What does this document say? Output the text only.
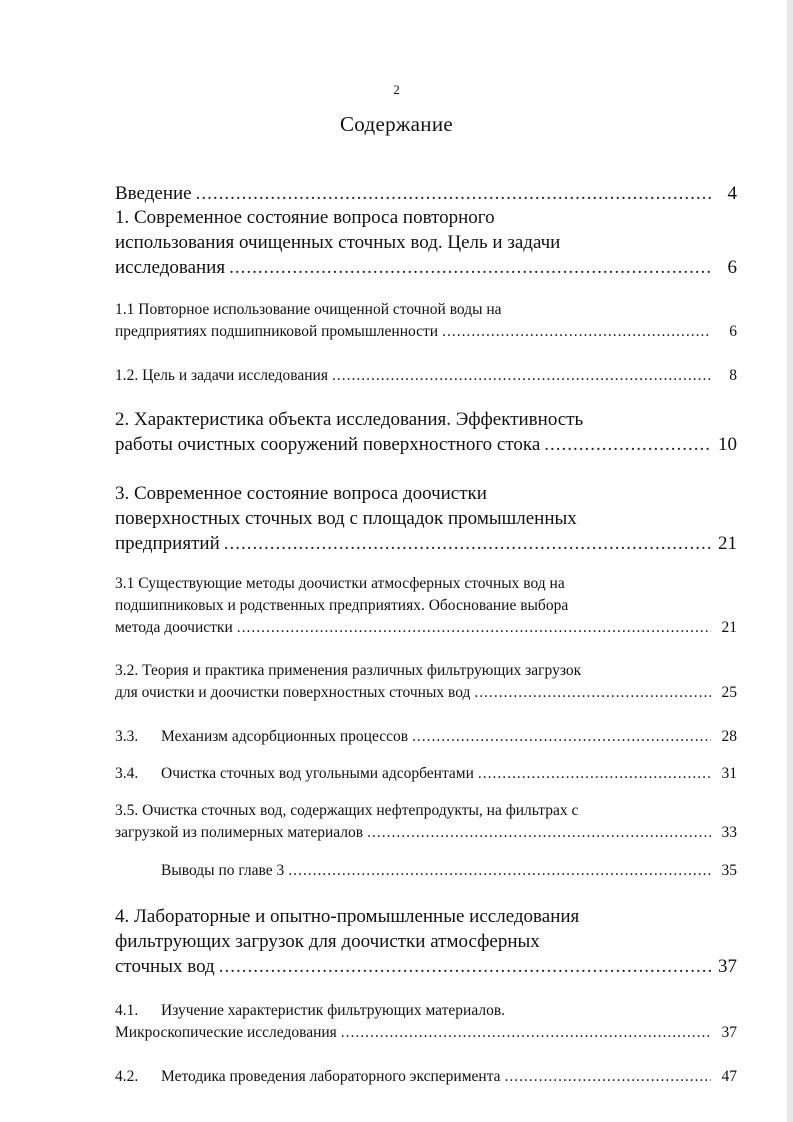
2
Содержание
Введение .....	4
1. Современное состояние вопроса повторного
использования очищенных сточных вод. Цель и задачи
исследования .....	6
1.1 Повторное использование очищенной сточной воды на
предприятиях подшипниковой промышленности .....	6
1.2. Цель и задачи исследования .....	8
2. Характеристика объекта исследования. Эффективность
работы очистных сооружений поверхностного стока .....	10
3. Современное состояние вопроса доочистки
поверхностных сточных вод с площадок промышленных
предприятий .....	21
3.1 Существующие методы доочистки атмосферных сточных вод на
подшипниковых и родственных предприятиях. Обоснование выбора
метода доочистки .....	21
3.2. Теория и практика применения различных фильтрующих загрузок
для очистки и доочистки поверхностных сточных вод .....	25
3.3.	Механизм адсорбционных процессов .....	28
3.4.	Очистка сточных вод угольными адсорбентами .....	31
3.5. Очистка сточных вод, содержащих нефтепродукты, на фильтрах с
загрузкой из полимерных материалов .....	33
Выводы по главе 3 .....	35
4. Лабораторные и опытно-промышленные исследования
фильтрующих загрузок для доочистки атмосферных
сточных вод .....	37
4.1.	Изучение характеристик фильтрующих материалов.
Микроскопические исследования .....	37
4.2.	Методика проведения лабораторного эксперимента .....	47
